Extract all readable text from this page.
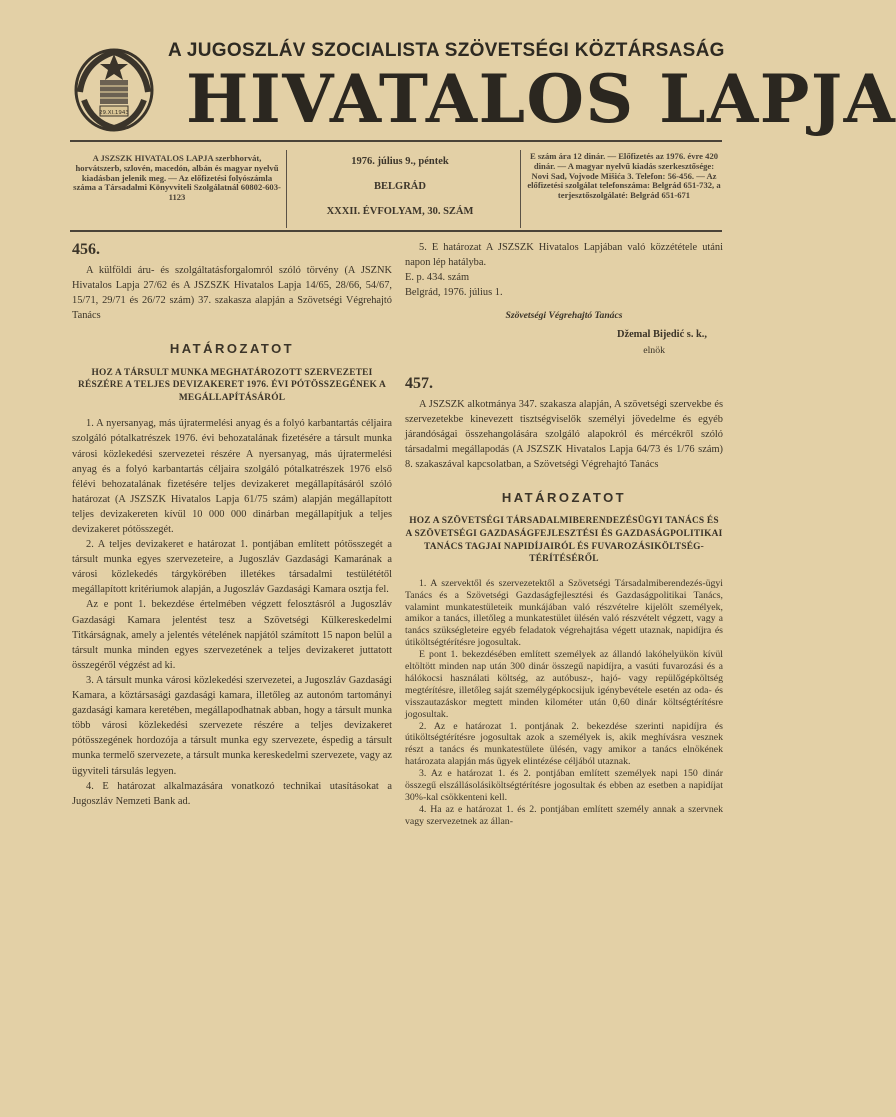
29.XI.1943
A JUGOSZLÁV SZOCIALISTA SZÖVETSÉGI KÖZTÁRSASÁG
HIVATALOS LAPJA
A JSZSZK HIVATALOS LAPJA szerbhorvát, horvátszerb, szlovén, macedón, albán és magyar nyelvű kiadásban jelenik meg. — Az előfizetési folyószámla száma a Társadalmi Könyvviteli Szolgálatnál 60802-603-1123
1976. július 9., péntek
BELGRÁD
XXXII. ÉVFOLYAM, 30. SZÁM
E szám ára 12 dinár. — Előfizetés az 1976. évre 420 dinár. — A magyar nyelvű kiadás szerkesztősége: Novi Sad, Vojvode Mišića 3. Telefon: 56-456. — Az előfizetési szolgálat telefonszáma: Belgrád 651-732, a terjesztőszolgálaté: Belgrád 651-671
456.

A külföldi áru- és szolgáltatásforgalomról szóló törvény (A JSZNK Hivatalos Lapja 27/62 és A JSZSZK Hivatalos Lapja 14/65, 28/66, 54/67, 15/71, 29/71 és 26/72 szám) 37. szakasza alapján a Szövetségi Végrehajtó Tanács

HATÁROZATOT
HOZ A TÁRSULT MUNKA MEGHATÁROZOTT SZERVEZETEI RÉSZÉRE A TELJES DEVIZAKERET 1976. ÉVI PÓTÖSSZEGÉNEK A MEGÁLLAPÍTÁSÁRÓL

1. A nyersanyag, más újratermelési anyag és a folyó karbantartás céljaira szolgáló pótalkatrészek 1976. évi behozatalának fizetésére a társult munka városi közlekedési szervezetei részére A nyersanyag, más újratermelési anyag és a folyó karbantartás céljaira szolgáló pótalkatrészek 1976 első félévi behozatalának fizetésére teljes devizakeret megállapításáról szóló határozat (A JSZSZK Hivatalos Lapja 61/75 szám) alapján megállapított teljes devizakereten kívül 10 000 000 dinárban megállapítjuk a teljes devizakeret pótösszegét.

2. A teljes devizakeret e határozat 1. pontjában említett pótösszegét a társult munka egyes szervezeteire, a Jugoszláv Gazdasági Kamarának a városi közlekedés tárgykörében illetékes társadalmi testülététől megállapított kritériumok alapján, a Jugoszláv Gazdasági Kamara osztja fel.

Az e pont 1. bekezdése értelmében végzett felosztásról a Jugoszláv Gazdasági Kamara jelentést tesz a Szövetségi Külkereskedelmi Titkárságnak, amely a jelentés vételének napjától számított 15 napon belül a társult munka minden egyes szervezetének a teljes devizakeret juttatott összegéről végzést ad ki.

3. A társult munka városi közlekedési szervezetei, a Jugoszláv Gazdasági Kamara, a köztársasági gazdasági kamara, illetőleg az autonóm tartományi gazdasági kamara keretében, megállapodhatnak abban, hogy a társult munka több városi közlekedési szervezete részére a teljes devizakeret pótösszegének hordozója a társult munka egy szervezete, éspedig a társult munka termelő szervezete, a társult munka kereskedelmi szervezete, vagy az ügyviteli társulás legyen.

4. E határozat alkalmazására vonatkozó technikai utasításokat a Jugoszláv Nemzeti Bank ad.

5. E határozat A JSZSZK Hivatalos Lapjában való közzététele utáni napon lép hatályba.

E. p. 434. szám

Belgrád, 1976. július 1.

Szövetségi Végrehajtó Tanács
Džemal Bijedić s. k.,
elnök
457.

A JSZSZK alkotmánya 347. szakasza alapján, A szövetségi szervekbe és szervezetekbe kinevezett tisztségviselők személyi jövedelme és egyéb járandóságai összehangolására szolgáló alapokról és mércékről szóló társadalmi megállapodás (A JSZSZK Hivatalos Lapja 64/73 és 1/76 szám) 8. szakaszával kapcsolatban, a Szövetségi Végrehajtó Tanács

HATÁROZATOT
HOZ A SZÖVETSÉGI TÁRSADALMIBERENDEZÉSÜGYI TANÁCS ÉS A SZÖVETSÉGI GAZDASÁGFEJLESZTÉSI ÉS GAZDASÁGPOLITIKAI TANÁCS TAGJAI NAPIDÍJAIRÓL ÉS FUVAROZÁSIKÖLTSÉG-TÉRÍTÉSÉRŐL

1. A szervektől és szervezetektől a Szövetségi Társadalmiberendezés-ügyi Tanács és a Szövetségi Gazdaságfejlesztési és Gazdaságpolitikai Tanács, valamint munkatestületeik munkájában való részvételre kijelölt személyek, amikor a tanács, illetőleg a munkatestület ülésén való részvételt végzett, vagy a tanács szükségleteire egyéb feladatok végrehajtása végett utaznak, napidíjra és útiköltségtérítésre jogosultak.

E pont 1. bekezdésében említett személyek az állandó lakóhelyükön kívül eltöltött minden nap után 300 dinár összegű napidíjra, a vasúti fuvarozási és a hálókocsi használati költség, az autóbusz-, hajó- vagy repülőgépköltség megtérítésre, illetőleg saját személygépkocsijuk igénybevétele esetén az oda- és visszautazáskor megtett minden kilométer után 0,60 dinár költségtérítésre jogosultak.

2. Az e határozat 1. pontjának 2. bekezdése szerinti napidíjra és útiköltségtérítésre jogosultak azok a személyek is, akik meghívásra vesznek részt a tanács és munkatestülete ülésén, vagy amikor a tanács elnökének határozata alapján más ügyek elintézése céljából utaznak.

3. Az e határozat 1. és 2. pontjában említett személyek napi 150 dinár összegű elszállásolásiköltségtérítésre jogosultak és ebben az esetben a napidíjat 30%-kal csökkenteni kell.

4. Ha az e határozat 1. és 2. pontjában említett személy annak a szervnek vagy szervezetnek az állan-
